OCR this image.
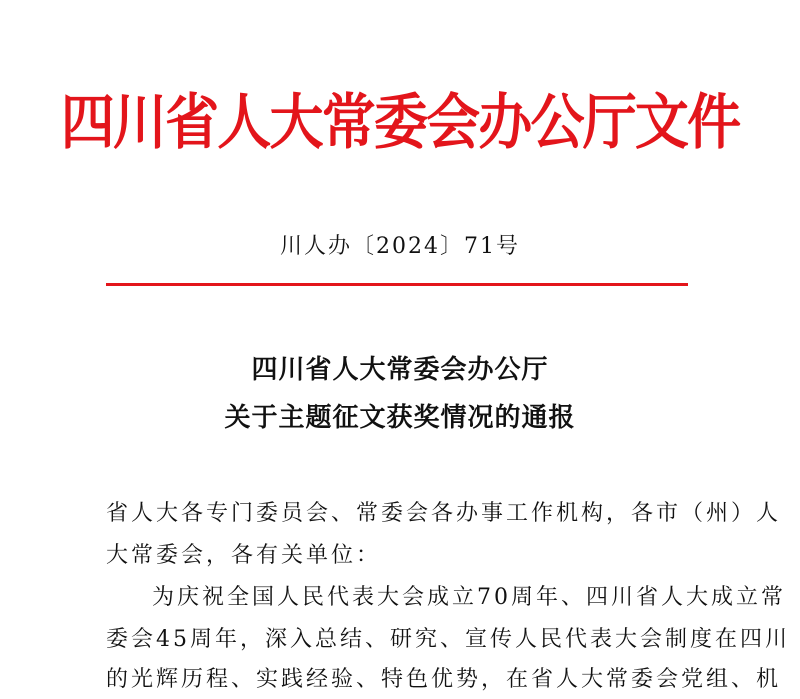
四川省人大常委会办公厅文件
川人办〔2024〕71号
四川省人大常委会办公厅
关于主题征文获奖情况的通报
省人大各专门委员会、常委会各办事工作机构，各市（州）人
大常委会，各有关单位：
为庆祝全国人民代表大会成立70周年、四川省人大成立常
委会45周年，深入总结、研究、宣传人民代表大会制度在四川
的光辉历程、实践经验、特色优势，在省人大常委会党组、机
